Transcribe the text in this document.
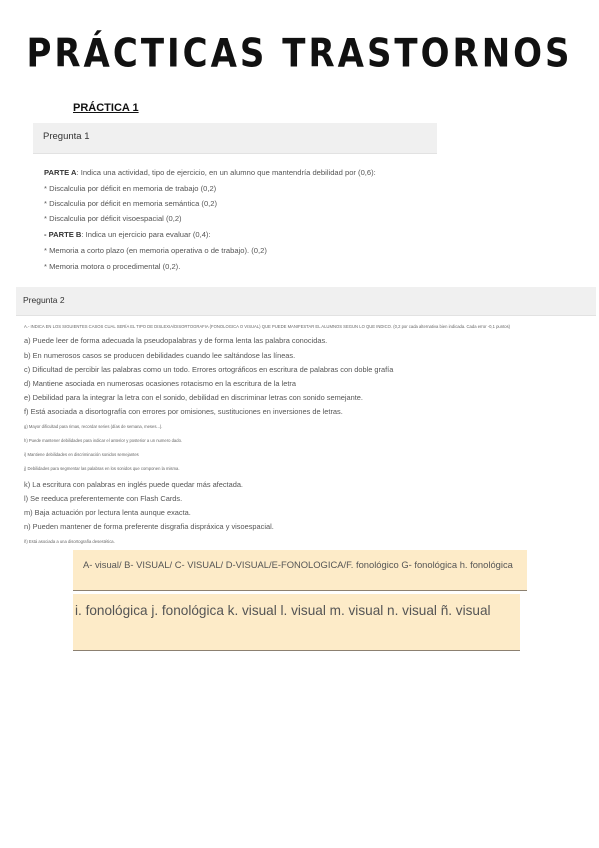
PRÁCTICAS TRASTORNOS
PRÁCTICA 1
Pregunta 1
PARTE A: Indica una actividad, tipo de ejercicio, en un alumno que mantendría debilidad por (0,6):
* Discalculia por déficit en memoria de trabajo (0,2)
* Discalculia por déficit en memoria semántica (0,2)
* Discalculia por déficit visoespacial (0,2)
- PARTE B: Indica un ejercicio para evaluar (0,4):
* Memoria a corto plazo (en memoria operativa o de trabajo). (0,2)
* Memoria motora o procedimental (0,2).
Pregunta 2
A.- INDICA EN LOS SIGUIENTES CASOS CUAL SERÍA EL TIPO DE DISLEXIA/DISORTOGRAFIA (FONOLOGICA O VISUAL) QUE PUEDE MANIFESTAR EL ALUMNOS SEGUN LO QUE INDICO. (0,2 por cada alternativa bien indicada. Cada error -0,1 puntos)
a) Puede leer de forma adecuada la pseudopalabras y de forma lenta las palabra conocidas.
b) En numerosos casos se producen debilidades cuando lee saltándose las líneas.
c) Dificultad de percibir las palabras como un todo. Errores ortográficos en escritura de palabras con doble grafía
d) Mantiene asociada en numerosas ocasiones rotacismo en la escritura de la letra
e) Debilidad para la integrar la letra con el sonido, debilidad en discriminar letras con sonido semejante.
f) Está asociada a disortografía con errores por omisiones, sustituciones en inversiones de letras.
g) Mayor dificultad para rimas, recordar series (días de semana, meses...).
h) Puede mantener debilidades para indicar el anterior y posterior a un numero dado.
i) Mantiene debilidades en discriminación sonidos semejantes
j) Debilidades para segmentar las palabras en los sonidos que componen la misma.
k) La escritura con palabras en inglés puede quedar más afectada.
l) Se reeduca preferentemente con Flash Cards.
m) Baja actuación por lectura lenta aunque exacta.
n) Pueden mantener de forma preferente disgrafia dispráxica y visoespacial.
ñ) Está asociada a una disortografía desestética.
A- visual/ B- VISUAL/ C- VISUAL/ D-VISUAL/E-FONOLOGICA/F. fonológico G- fonológica h. fonológica
i. fonológica j. fonológica k. visual l. visual m. visual n. visual ñ. visual
